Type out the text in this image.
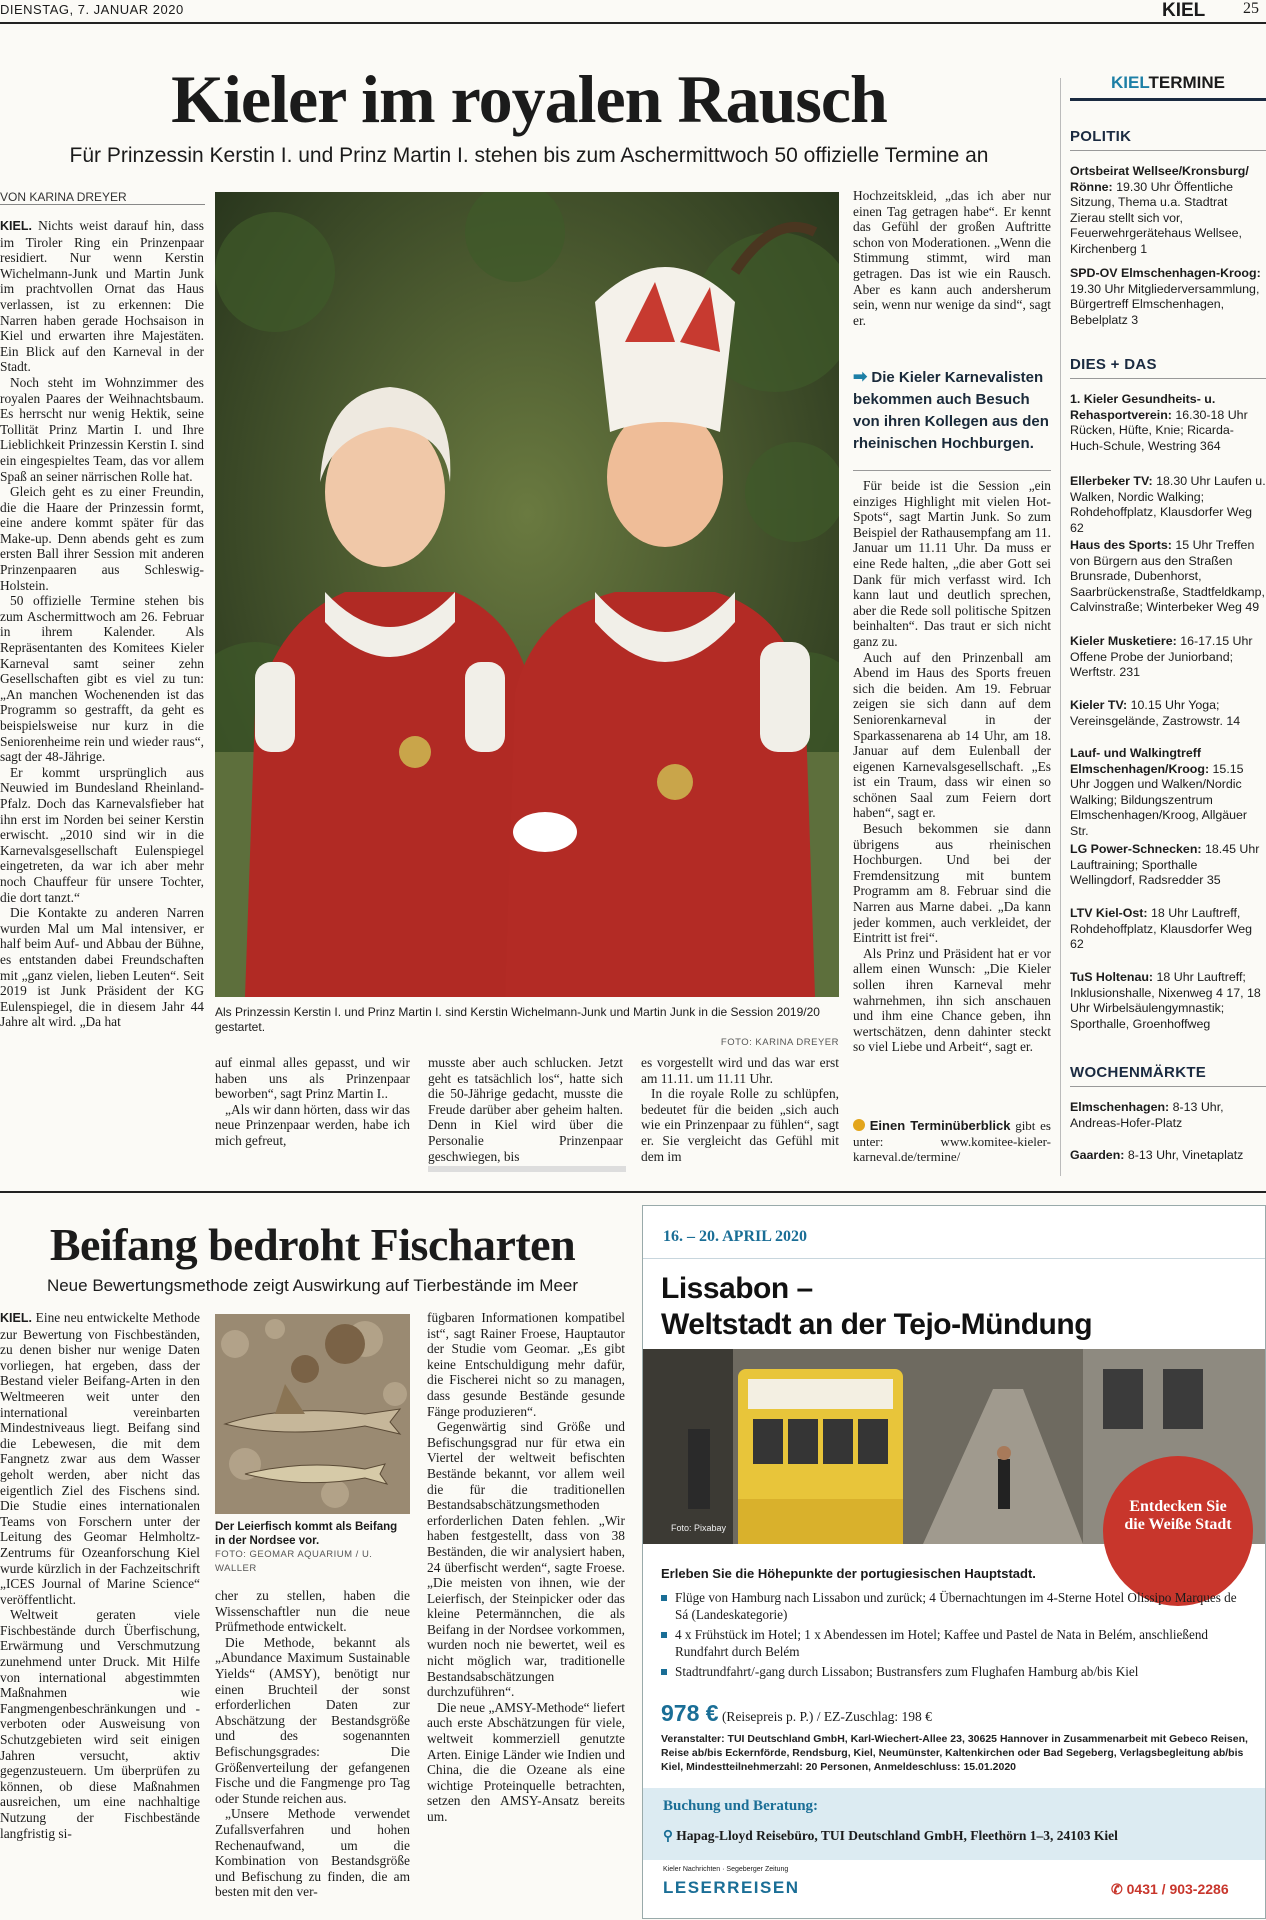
DIENSTAG, 7. JANUAR 2020	KIEL 25
Kieler im royalen Rausch
Für Prinzessin Kerstin I. und Prinz Martin I. stehen bis zum Aschermittwoch 50 offizielle Termine an
VON KARINA DREYER

KIEL. Nichts weist darauf hin, dass im Tiroler Ring ein Prinzenpaar residiert. Nur wenn Kerstin Wichelmann-Junk und Martin Junk im prachtvollen Ornat das Haus verlassen, ist zu erkennen: Die Narren haben gerade Hochsaison in Kiel und erwarten ihre Majestäten. Ein Blick auf den Karneval in der Stadt.

Noch steht im Wohnzimmer des royalen Paares der Weihnachtsbaum. Es herrscht nur wenig Hektik, seine Tollität Prinz Martin I. und Ihre Lieblichkeit Prinzessin Kerstin I. sind ein eingespieltes Team, das vor allem Spaß an seiner närrischen Rolle hat.

Gleich geht es zu einer Freundin, die die Haare der Prinzessin formt, eine andere kommt später für das Make-up. Denn abends geht es zum ersten Ball ihrer Session mit anderen Prinzenpaaren aus Schleswig-Holstein.

50 offizielle Termine stehen bis zum Aschermittwoch am 26. Februar in ihrem Kalender. Als Repräsentanten des Komitees Kieler Karneval samt seiner zehn Gesellschaften gibt es viel zu tun: „An manchen Wochenenden ist das Programm so gestrafft, da geht es beispielsweise nur kurz in die Seniorenheime rein und wieder raus“, sagt der 48-Jährige.

Er kommt ursprünglich aus Neuwied im Bundesland Rheinland-Pfalz. Doch das Karnevalsfieber hat ihn erst im Norden bei seiner Kerstin erwischt. „2010 sind wir in die Karnevalsgesellschaft Eulenspiegel eingetreten, da war ich aber mehr noch Chauffeur für unsere Tochter, die dort tanzt.“

Die Kontakte zu anderen Narren wurden Mal um Mal intensiver, er half beim Auf- und Abbau der Bühne, es entstanden dabei Freundschaften mit „ganz vielen, lieben Leuten“. Seit 2019 ist Junk Präsident der KG Eulenspiegel, die in diesem Jahr 44 Jahre alt wird. „Da hat

Als Prinzessin Kerstin I. und Prinz Martin I. sind Kerstin Wichelmann-Junk und Martin Junk in die Session 2019/20 gestartet.
FOTO: KARINA DREYER

auf einmal alles gepasst, und wir haben uns als Prinzenpaar beworben“, sagt Prinz Martin I..

„Als wir dann hörten, dass wir das neue Prinzenpaar werden, habe ich mich gefreut,

musste aber auch schlucken. Jetzt geht es tatsächlich los“, hatte sich die 50-Jährige gedacht, musste die Freude darüber aber geheim halten. Denn in Kiel wird über die Personalie Prinzenpaar geschwiegen, bis

es vorgestellt wird und das war erst am 11.11. um 11.11 Uhr.

In die royale Rolle zu schlüpfen, bedeutet für die beiden „sich auch wie ein Prinzenpaar zu fühlen“, sagt er. Sie vergleicht das Gefühl mit dem im

Hochzeitskleid, „das ich aber nur einen Tag getragen habe“. Er kennt das Gefühl der großen Auftritte schon von Moderationen. „Wenn die Stimmung stimmt, wird man getragen. Das ist wie ein Rausch. Aber es kann auch andersherum sein, wenn nur wenige da sind“, sagt er.

➡ Die Kieler Karnevalisten bekommen auch Besuch von ihren Kollegen aus den rheinischen Hochburgen.

Für beide ist die Session „ein einziges Highlight mit vielen Hot-Spots“, sagt Martin Junk. So zum Beispiel der Rathausempfang am 11. Januar um 11.11 Uhr. Da muss er eine Rede halten, „die aber Gott sei Dank für mich verfasst wird. Ich kann laut und deutlich sprechen, aber die Rede soll politische Spitzen beinhalten“. Das traut er sich nicht ganz zu.

Auch auf den Prinzenball am Abend im Haus des Sports freuen sich die beiden. Am 19. Februar zeigen sie sich dann auf dem Seniorenkarneval in der Sparkassenarena ab 14 Uhr, am 18. Januar auf dem Eulenball der eigenen Karnevalsgesellschaft. „Es ist ein Traum, dass wir einen so schönen Saal zum Feiern dort haben“, sagt er.

Besuch bekommen sie dann übrigens aus rheinischen Hochburgen. Und bei der Fremdensitzung mit buntem Programm am 8. Februar sind die Narren aus Marne dabei. „Da kann jeder kommen, auch verkleidet, der Eintritt ist frei“.

Als Prinz und Präsident hat er vor allem einen Wunsch: „Die Kieler sollen ihren Karneval mehr wahrnehmen, ihn sich anschauen und ihm eine Chance geben, ihn wertschätzen, denn dahinter steckt so viel Liebe und Arbeit“, sagt er.

Einen Terminüberblick gibt es unter: www.komitee-kieler-karneval.de/termine/
KIELTERMINE
POLITIK
Ortsbeirat Wellsee/Kronsburg/ Rönne: 19.30 Uhr Öffentliche Sitzung, Thema u.a. Stadtrat Zierau stellt sich vor, Feuerwehrgerätehaus Wellsee, Kirchenberg 1
SPD-OV Elmschenhagen-Kroog: 19.30 Uhr Mitgliederversammlung, Bürgertreff Elmschenhagen, Bebelplatz 3
DIES + DAS
1. Kieler Gesundheits- u. Rehasportverein: 16.30-18 Uhr Rücken, Hüfte, Knie; Ricarda-Huch-Schule, Westring 364
Ellerbeker TV: 18.30 Uhr Laufen u. Walken, Nordic Walking; Rohdehoffplatz, Klausdorfer Weg 62
Haus des Sports: 15 Uhr Treffen von Bürgern aus den Straßen Brunsrade, Dubenhorst, Saarbrückenstraße, Stadtfeldkamp, Calvinstraße; Winterbeker Weg 49
Kieler Musketiere: 16-17.15 Uhr Offene Probe der Juniorband; Werftstr. 231
Kieler TV: 10.15 Uhr Yoga; Vereinsgelände, Zastrowstr. 14
Lauf- und Walkingtreff Elmschenhagen/Kroog: 15.15 Uhr Joggen und Walken/Nordic Walking; Bildungszentrum Elmschenhagen/Kroog, Allgäuer Str.
LG Power-Schnecken: 18.45 Uhr Lauftraining; Sporthalle Wellingdorf, Radsredder 35
LTV Kiel-Ost: 18 Uhr Lauftreff, Rohdehoffplatz, Klausdorfer Weg 62
TuS Holtenau: 18 Uhr Lauftreff; Inklusionshalle, Nixenweg 4 17, 18 Uhr Wirbelsäulengymnastik; Sporthalle, Groenhoffweg
WOCHENMÄRKTE
Elmschenhagen: 8-13 Uhr, Andreas-Hofer-Platz
Gaarden: 8-13 Uhr, Vinetaplatz
Beifang bedroht Fischarten
Neue Bewertungsmethode zeigt Auswirkung auf Tierbestände im Meer

KIEL. Eine neu entwickelte Methode zur Bewertung von Fischbeständen, zu denen bisher nur wenige Daten vorliegen, hat ergeben, dass der Bestand vieler Beifang-Arten in den Weltmeeren weit unter den international vereinbarten Mindestniveaus liegt. Beifang sind die Lebewesen, die mit dem Fangnetz zwar aus dem Wasser geholt werden, aber nicht das eigentlich Ziel des Fischens sind. Die Studie eines internationalen Teams von Forschern unter der Leitung des Geomar Helmholtz-Zentrums für Ozeanforschung Kiel wurde kürzlich in der Fachzeitschrift „ICES Journal of Marine Science“ veröffentlicht.

Weltweit geraten viele Fischbestände durch Überfischung, Erwärmung und Verschmutzung zunehmend unter Druck. Mit Hilfe von international abgestimmten Maßnahmen wie Fangmengenbeschränkungen und -verboten oder Ausweisung von Schutzgebieten wird seit einigen Jahren versucht, aktiv gegenzusteuern. Um überprüfen zu können, ob diese Maßnahmen ausreichen, um eine nachhaltige Nutzung der Fischbestände langfristig si-

Der Leierfisch kommt als Beifang in der Nordsee vor.
FOTO: GEOMAR AQUARIUM / U. WALLER

cher zu stellen, haben die Wissenschaftler nun die neue Prüfmethode entwickelt.

Die Methode, bekannt als „Abundance Maximum Sustainable Yields“ (AMSY), benötigt nur einen Bruchteil der sonst erforderlichen Daten zur Abschätzung der Bestandsgröße und des sogenannten Befischungsgrades: Die Größenverteilung der gefangenen Fische und die Fangmenge pro Tag oder Stunde reichen aus.

„Unsere Methode verwendet Zufallsverfahren und hohen Rechenaufwand, um die Kombination von Bestandsgröße und Befischung zu finden, die am besten mit den ver-

fügbaren Informationen kompatibel ist“, sagt Rainer Froese, Hauptautor der Studie vom Geomar. „Es gibt keine Entschuldigung mehr dafür, die Fischerei nicht so zu managen, dass gesunde Bestände gesunde Fänge produzieren“.

Gegenwärtig sind Größe und Befischungsgrad nur für etwa ein Viertel der weltweit befischten Bestände bekannt, vor allem weil die für die traditionellen Bestandsabschätzungsmethoden erforderlichen Daten fehlen. „Wir haben festgestellt, dass von 38 Beständen, die wir analysiert haben, 24 überfischt werden“, sagte Froese. „Die meisten von ihnen, wie der Leierfisch, der Steinpicker oder das kleine Petermännchen, die als Beifang in der Nordsee vorkommen, wurden noch nie bewertet, weil es nicht möglich war, traditionelle Bestandsabschätzungen durchzuführen“.

Die neue „AMSY-Methode“ liefert auch erste Abschätzungen für viele, weltweit kommerziell genutzte Arten. Einige Länder wie Indien und China, die die Ozeane als eine wichtige Proteinquelle betrachten, setzen den AMSY-Ansatz bereits um.

16. – 20. APRIL 2020
Lissabon –
Weltstadt an der Tejo-Mündung
Foto: Pixabay
Entdecken Sie die Weiße Stadt
Erleben Sie die Höhepunkte der portugiesischen Hauptstadt.
Flüge von Hamburg nach Lissabon und zurück; 4 Übernachtungen im 4-Sterne Hotel Olissipo Marques de Sá (Landeskategorie)
4 x Frühstück im Hotel; 1 x Abendessen im Hotel; Kaffee und Pastel de Nata in Belém, anschließend Rundfahrt durch Belém
Stadtrundfahrt/-gang durch Lissabon; Bustransfers zum Flughafen Hamburg ab/bis Kiel
978 € (Reisepreis p. P.) / EZ-Zuschlag: 198 €
Veranstalter: TUI Deutschland GmbH, Karl-Wiechert-Allee 23, 30625 Hannover in Zusammenarbeit mit Gebeco Reisen, Reise ab/bis Eckernförde, Rendsburg, Kiel, Neumünster, Kaltenkirchen oder Bad Segeberg, Verlagsbegleitung ab/bis Kiel, Mindestteilnehmerzahl: 20 Personen, Anmeldeschluss: 15.01.2020
Buchung und Beratung:
⚲ Hapag-Lloyd Reisebüro, TUI Deutschland GmbH, Fleethörn 1–3, 24103 Kiel
Kieler Nachrichten · Segeberger Zeitung
LESERREISEN	✆ 0431 / 903-2286
